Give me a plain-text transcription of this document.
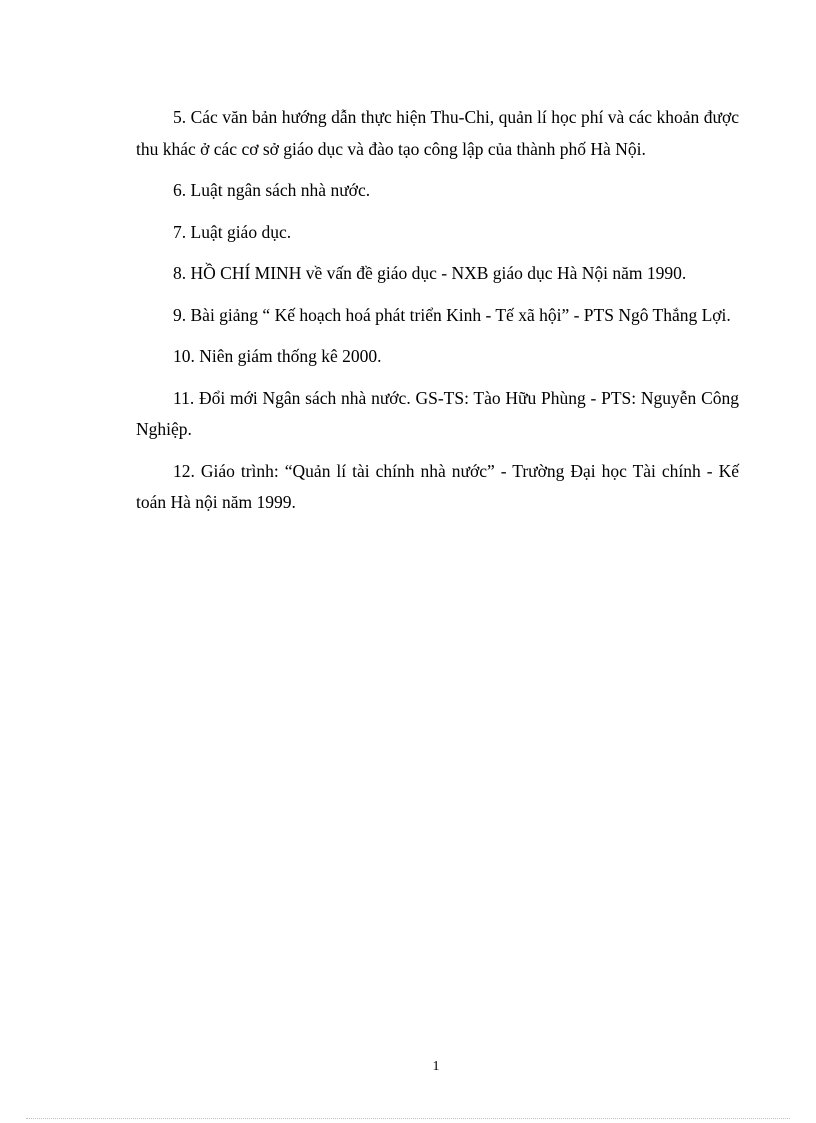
5. Các văn bản hướng dẫn thực hiện Thu-Chi, quản lí học phí và các khoản được thu khác ở các cơ sở giáo dục và đào tạo công lập của thành phố Hà Nội.
6. Luật ngân sách nhà nước.
7. Luật giáo dục.
8. HỒ CHÍ MINH về vấn đề giáo dục - NXB giáo dục Hà Nội năm 1990.
9. Bài giảng “ Kế hoạch hoá phát triển Kinh - Tế xã hội” - PTS Ngô Thắng Lợi.
10. Niên giám thống kê 2000.
11. Đổi mới Ngân sách nhà nước. GS-TS: Tào Hữu Phùng - PTS: Nguyễn Công Nghiệp.
12. Giáo trình: “Quản lí tài chính nhà nước” - Trường Đại học Tài chính - Kế toán Hà nội năm 1999.
1
